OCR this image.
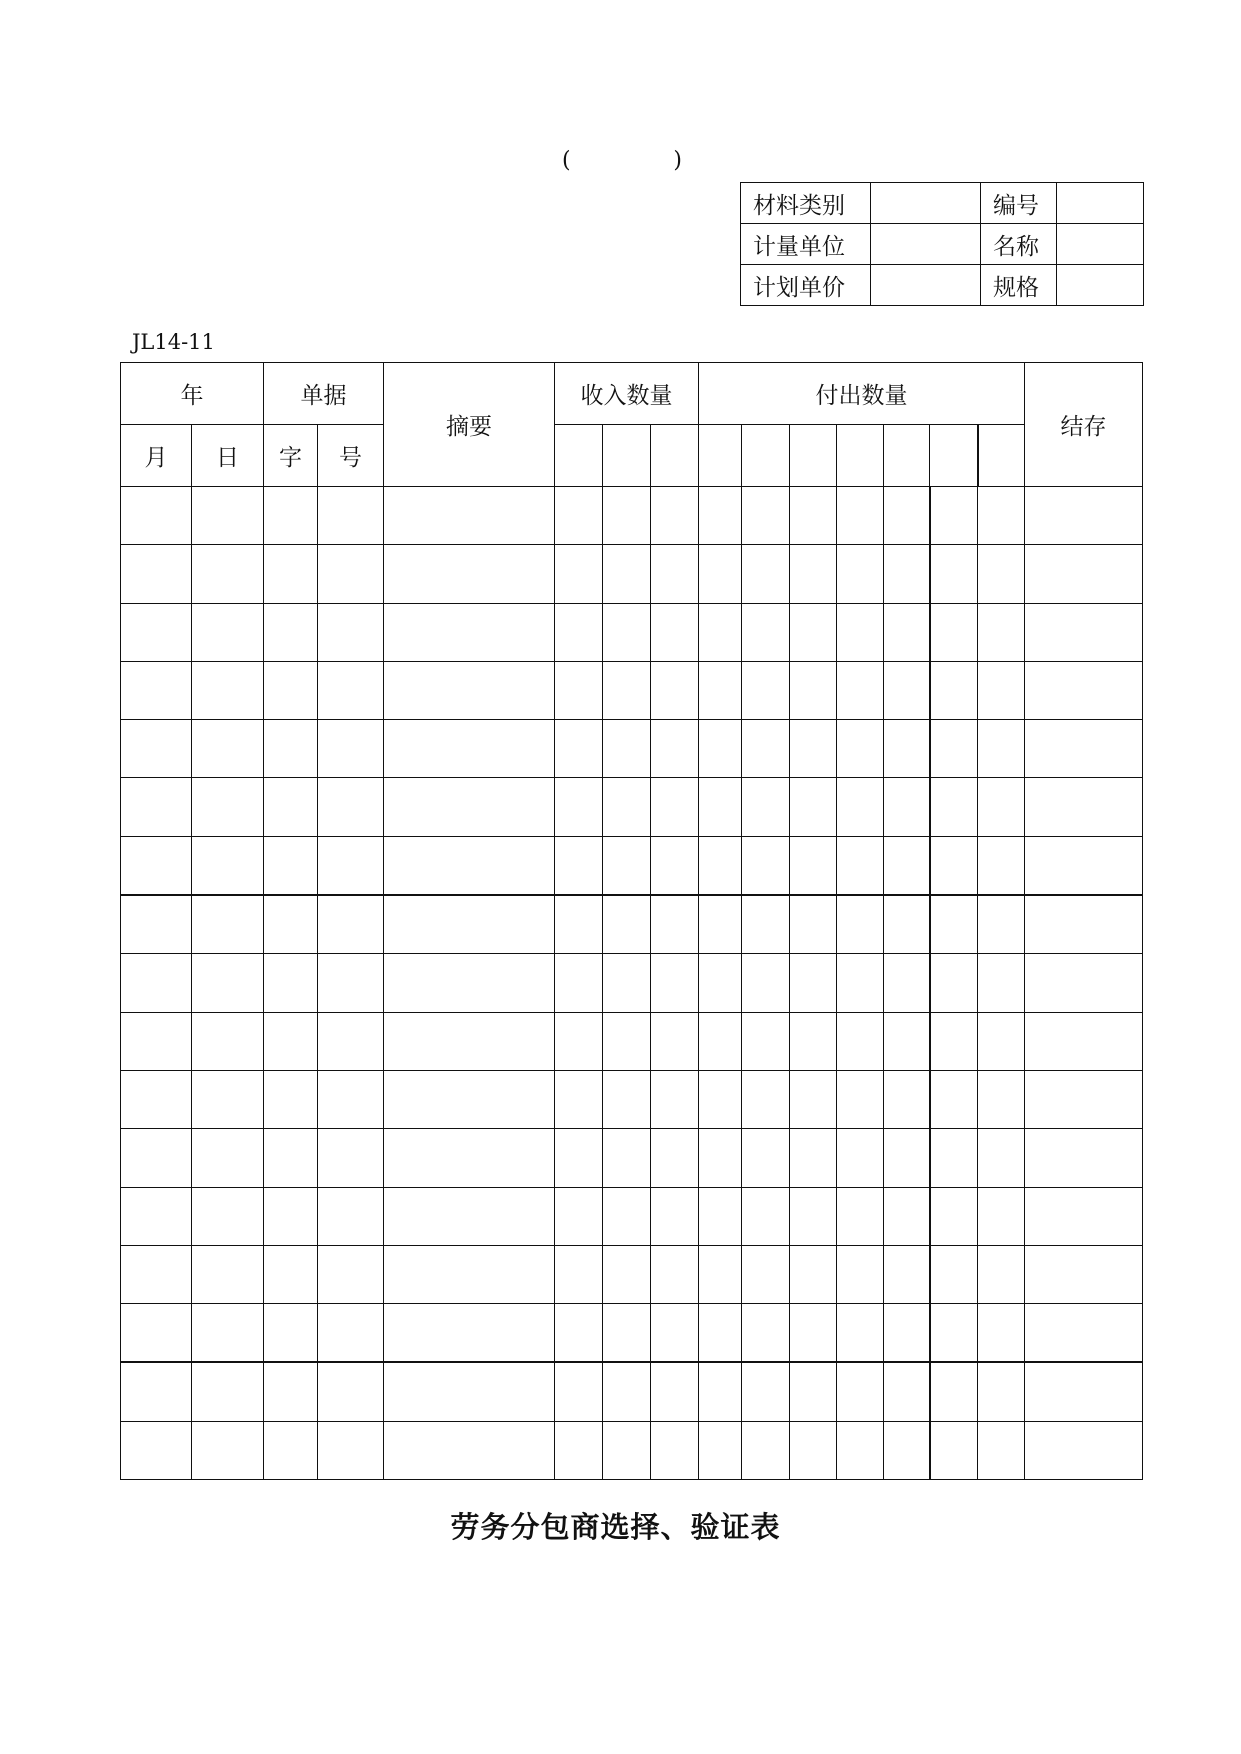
(	)
材料类别		编号	
计量单位		名称	
计划单价		规格	
JL14-11
年		单据		摘要	收入数量			付出数量							结存	
月	日	字	号													

劳务分包商选择、验证表
